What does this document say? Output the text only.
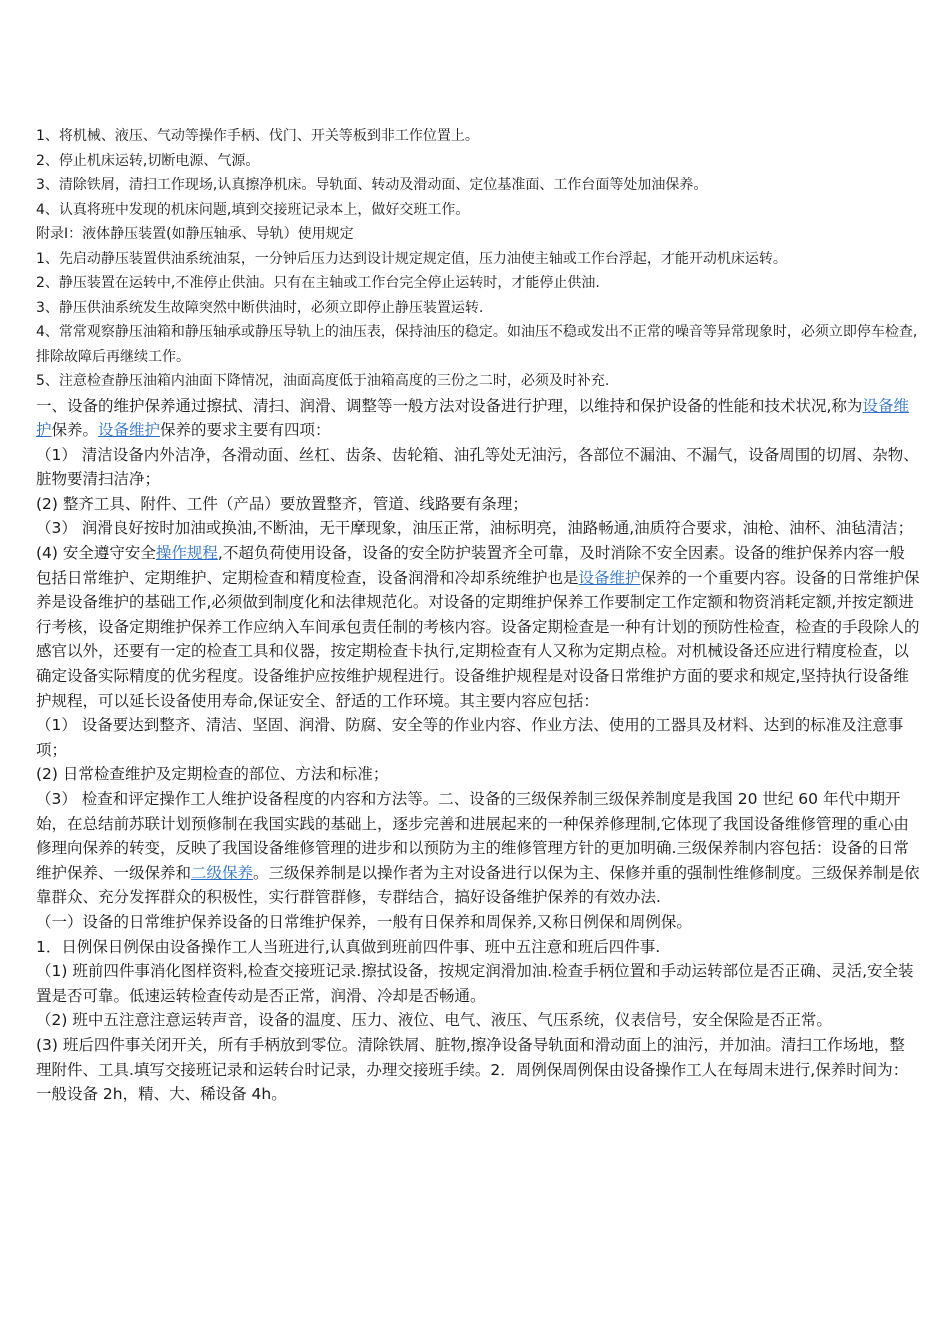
1、将机械、液压、气动等操作手柄、伐门、开关等板到非工作位置上。

2、停止机床运转,切断电源、气源。

3、清除铁屑，清扫工作现场,认真擦净机床。导轨面、转动及滑动面、定位基准面、工作台面等处加油保养。

4、认真将班中发现的机床问题,填到交接班记录本上，做好交班工作。

附录Ⅰ：液体静压装置(如静压轴承、导轨）使用规定

1、先启动静压装置供油系统油泵，一分钟后压力达到设计规定规定值，压力油使主轴或工作台浮起，才能开动机床运转。

2、静压装置在运转中,不准停止供油。只有在主轴或工作台完全停止运转时，才能停止供油.

3、静压供油系统发生故障突然中断供油时，必须立即停止静压装置运转.

4、常常观察静压油箱和静压轴承或静压导轨上的油压表，保持油压的稳定。如油压不稳或发出不正常的噪音等异常现象时，必须立即停车检查,排除故障后再继续工作。

5、注意检查静压油箱内油面下降情况，油面高度低于油箱高度的三份之二时，必须及时补充.

一、设备的维护保养通过擦拭、清扫、润滑、调整等一般方法对设备进行护理，以维持和保护设备的性能和技术状况,称为设备维护保养。设备维护保养的要求主要有四项：

（1） 清洁设备内外洁净，各滑动面、丝杠、齿条、齿轮箱、油孔等处无油污，各部位不漏油、不漏气，设备周围的切屑、杂物、脏物要清扫洁净；

(2) 整齐工具、附件、工件（产品）要放置整齐，管道、线路要有条理；

（3） 润滑良好按时加油或换油,不断油，无干摩现象，油压正常，油标明亮，油路畅通,油质符合要求，油枪、油杯、油毡清洁；

(4) 安全遵守安全操作规程,不超负荷使用设备，设备的安全防护装置齐全可靠，及时消除不安全因素。设备的维护保养内容一般包括日常维护、定期维护、定期检查和精度检查，设备润滑和冷却系统维护也是设备维护保养的一个重要内容。设备的日常维护保养是设备维护的基础工作,必须做到制度化和法律规范化。对设备的定期维护保养工作要制定工作定额和物资消耗定额,并按定额进行考核，设备定期维护保养工作应纳入车间承包责任制的考核内容。设备定期检查是一种有计划的预防性检查，检查的手段除人的感官以外，还要有一定的检查工具和仪器，按定期检查卡执行,定期检查有人又称为定期点检。对机械设备还应进行精度检查，以确定设备实际精度的优劣程度。设备维护应按维护规程进行。设备维护规程是对设备日常维护方面的要求和规定,坚持执行设备维护规程，可以延长设备使用寿命,保证安全、舒适的工作环境。其主要内容应包括：

（1） 设备要达到整齐、清洁、坚固、润滑、防腐、安全等的作业内容、作业方法、使用的工器具及材料、达到的标准及注意事项；

(2) 日常检查维护及定期检查的部位、方法和标准；

（3） 检查和评定操作工人维护设备程度的内容和方法等。二、设备的三级保养制三级保养制度是我国 20 世纪 60 年代中期开始，在总结前苏联计划预修制在我国实践的基础上，逐步完善和进展起来的一种保养修理制,它体现了我国设备维修管理的重心由修理向保养的转变，反映了我国设备维修管理的进步和以预防为主的维修管理方针的更加明确.三级保养制内容包括：设备的日常维护保养、一级保养和二级保养。三级保养制是以操作者为主对设备进行以保为主、保修并重的强制性维修制度。三级保养制是依靠群众、充分发挥群众的积极性，实行群管群修，专群结合，搞好设备维护保养的有效办法.

（一）设备的日常维护保养设备的日常维护保养，一般有日保养和周保养,又称日例保和周例保。

1．日例保日例保由设备操作工人当班进行,认真做到班前四件事、班中五注意和班后四件事.

（1) 班前四件事消化图样资料,检查交接班记录.擦拭设备，按规定润滑加油.检查手柄位置和手动运转部位是否正确、灵活,安全装置是否可靠。低速运转检查传动是否正常，润滑、冷却是否畅通。

（2) 班中五注意注意运转声音，设备的温度、压力、液位、电气、液压、气压系统，仪表信号，安全保险是否正常。

(3) 班后四件事关闭开关，所有手柄放到零位。清除铁屑、脏物,擦净设备导轨面和滑动面上的油污，并加油。清扫工作场地，整理附件、工具.填写交接班记录和运转台时记录，办理交接班手续。2．周例保周例保由设备操作工人在每周末进行,保养时间为：一般设备 2h，精、大、稀设备 4h。
